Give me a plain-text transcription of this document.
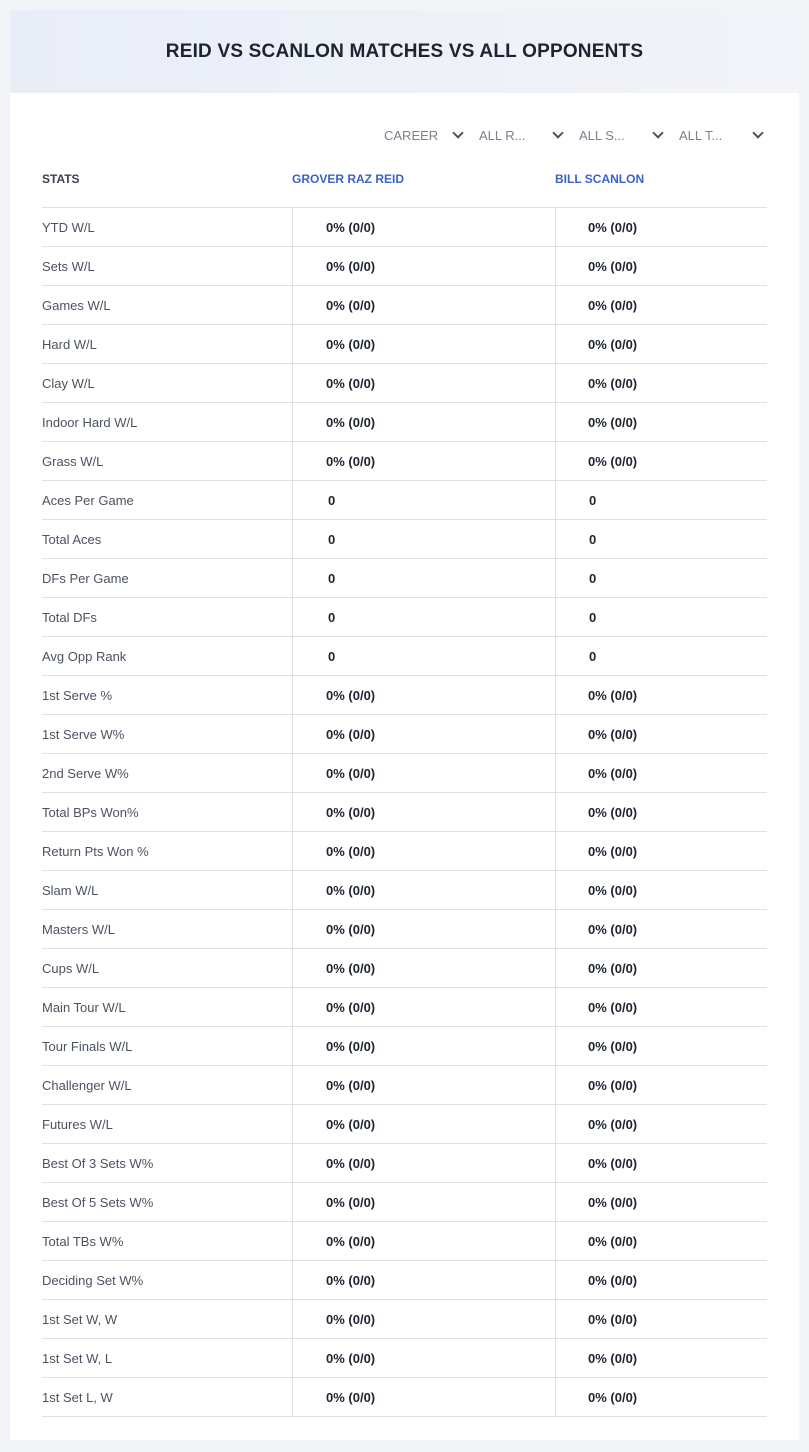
REID VS SCANLON MATCHES VS ALL OPPONENTS
CAREER	ALL R...	ALL S...	ALL T...
STATS	GROVER RAZ REID	BILL SCANLON
YTD W/L	0% (0/0)	0% (0/0)
Sets W/L	0% (0/0)	0% (0/0)
Games W/L	0% (0/0)	0% (0/0)
Hard W/L	0% (0/0)	0% (0/0)
Clay W/L	0% (0/0)	0% (0/0)
Indoor Hard W/L	0% (0/0)	0% (0/0)
Grass W/L	0% (0/0)	0% (0/0)
Aces Per Game	0	0
Total Aces	0	0
DFs Per Game	0	0
Total DFs	0	0
Avg Opp Rank	0	0
1st Serve %	0% (0/0)	0% (0/0)
1st Serve W%	0% (0/0)	0% (0/0)
2nd Serve W%	0% (0/0)	0% (0/0)
Total BPs Won%	0% (0/0)	0% (0/0)
Return Pts Won %	0% (0/0)	0% (0/0)
Slam W/L	0% (0/0)	0% (0/0)
Masters W/L	0% (0/0)	0% (0/0)
Cups W/L	0% (0/0)	0% (0/0)
Main Tour W/L	0% (0/0)	0% (0/0)
Tour Finals W/L	0% (0/0)	0% (0/0)
Challenger W/L	0% (0/0)	0% (0/0)
Futures W/L	0% (0/0)	0% (0/0)
Best Of 3 Sets W%	0% (0/0)	0% (0/0)
Best Of 5 Sets W%	0% (0/0)	0% (0/0)
Total TBs W%	0% (0/0)	0% (0/0)
Deciding Set W%	0% (0/0)	0% (0/0)
1st Set W, W	0% (0/0)	0% (0/0)
1st Set W, L	0% (0/0)	0% (0/0)
1st Set L, W	0% (0/0)	0% (0/0)
